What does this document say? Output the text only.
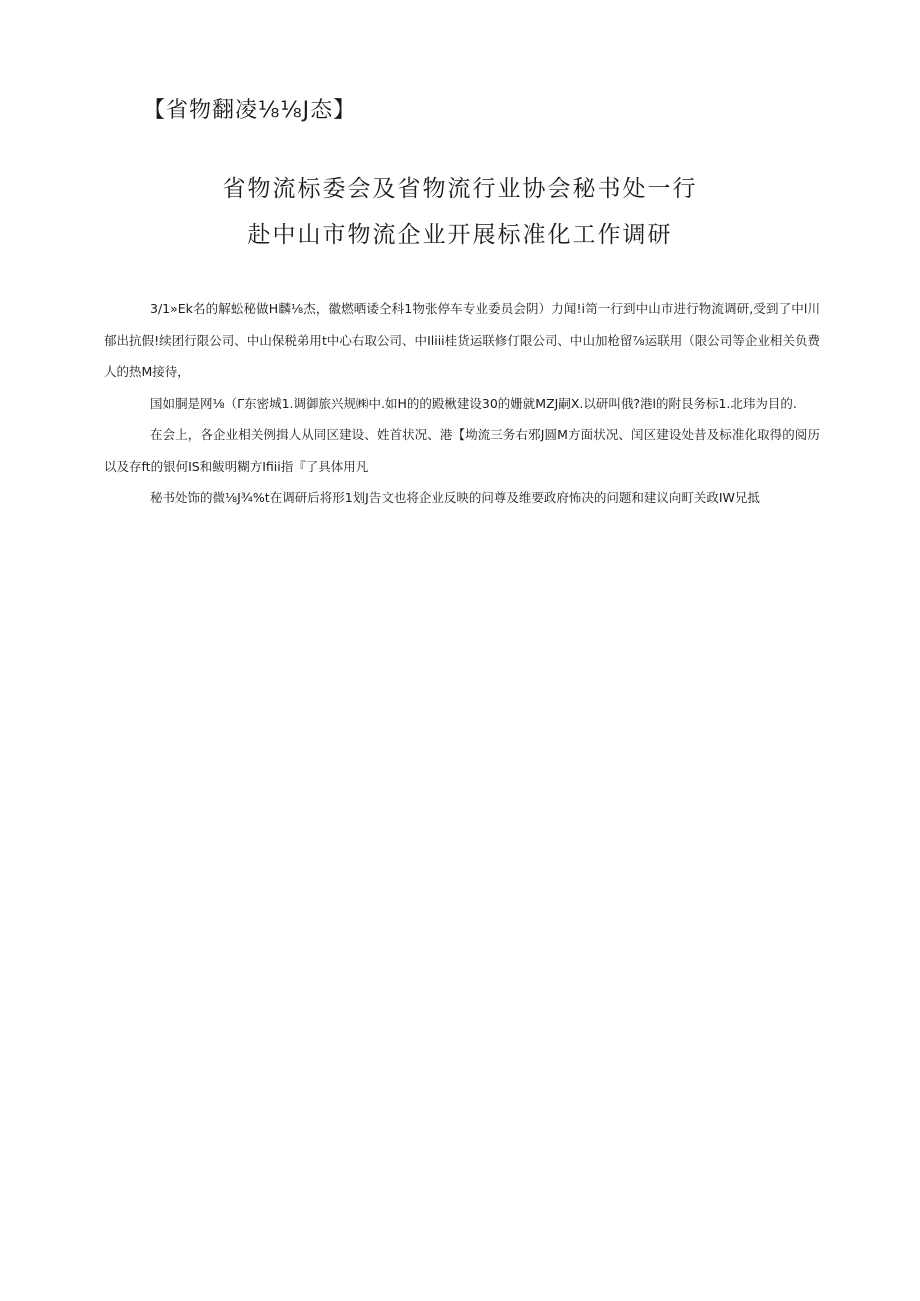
【省物翻凌⅛⅛J态】
省物流标委会及省物流行业协会秘书处一行
赴中山市物流企业开展标准化工作调研

3/1»Ek名的解蚣秘做H麟⅛杰，徽燃晒诿仝科1物张停车专业委员会阴）力闻!i笥一行到中山市进行物流调研,受到了中l川郁出抗假!续团行限公司、中山保税弟用t中心右取公司、中Iliii桂货运联修仃限公司、中山加枪留⅞运联用（限公司等企业相关负费人的热M接待，

国如胴是网⅛（Γ东密城1.调御旅兴规㈱中.如H的的殿楸建设30的姗就MZJ嗣X.以研叫俄?港l的附艮务标1.北玮为目的.

在会上，各企业相关例揖人从同区建设、姓首状况、港【坳流三务右邪J圆M方面状况、闰区建设处昔及标准化取得的阅历以及存ft的银何IS和鲅明糊方Ifiii指『了具体用凡

秘书处饰的微⅛J¾%t在调研后将形1划J告文也将企业反映的问尊及维要政府怖决的问题和建议向町关政IW兄抵
